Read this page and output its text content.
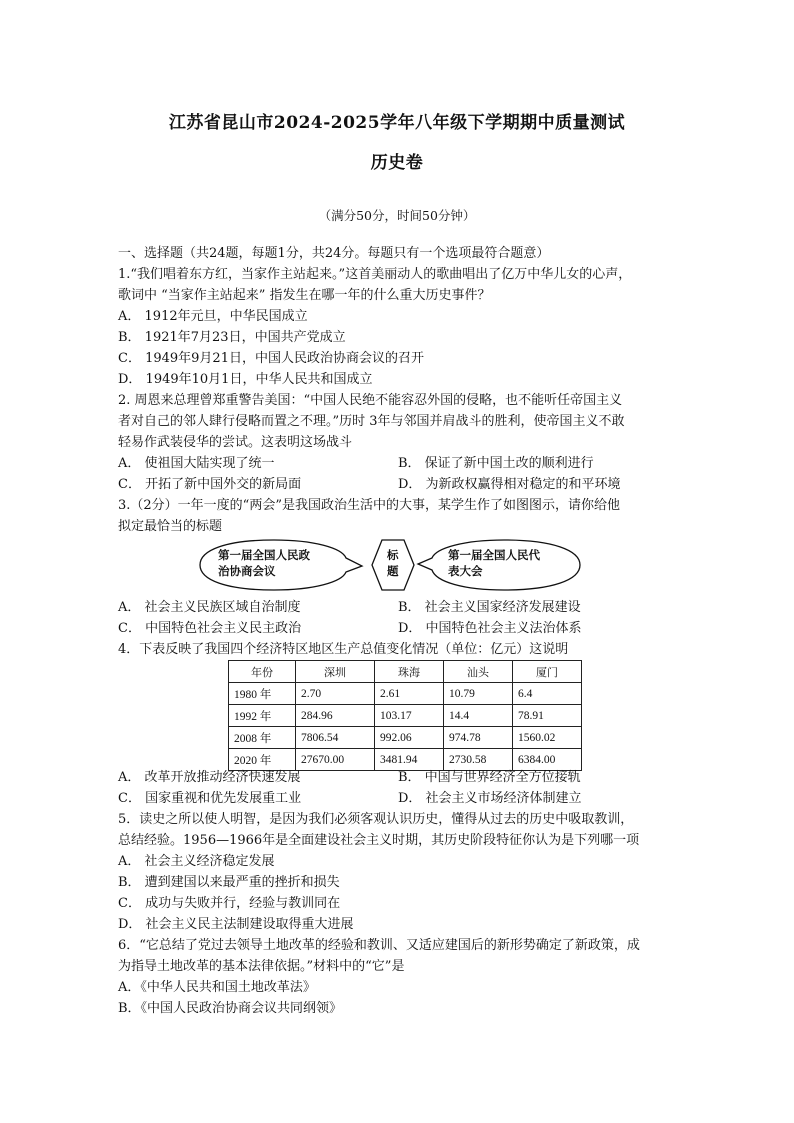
江苏省昆山市2024-2025学年八年级下学期期中质量测试
历史卷
（满分50分，时间50分钟）
一、选择题（共24题，每题1分，共24分。每题只有一个选项最符合题意）
1.“我们唱着东方红，当家作主站起来。”这首美丽动人的歌曲唱出了亿万中华儿女的心声，
歌词中 “当家作主站起来” 指发生在哪一年的什么重大历史事件？
A． 1912年元旦，中华民国成立
B． 1921年7月23日，中国共产党成立
C． 1949年9月21日，中国人民政治协商会议的召开
D． 1949年10月1日，中华人民共和国成立
2. 周恩来总理曾郑重警告美国：“中国人民绝不能容忍外国的侵略，也不能听任帝国主义
者对自己的邻人肆行侵略而置之不理。”历时 3年与邻国并肩战斗的胜利，使帝国主义不敢
轻易作武装侵华的尝试。这表明这场战斗
A． 使祖国大陆实现了统一	B． 保证了新中国土改的顺利进行
C． 开拓了新中国外交的新局面	D． 为新政权赢得相对稳定的和平环境
3.（2分）一年一度的“两会”是我国政治生活中的大事，某学生作了如图图示，请你给他
拟定最恰当的标题
第一届全国人民政
治协商会议
标
题
第一届全国人民代
表大会
A． 社会主义民族区域自治制度	B． 社会主义国家经济发展建设
C． 中国特色社会主义民主政治	D． 中国特色社会主义法治体系
4．下表反映了我国四个经济特区地区生产总值变化情况（单位：亿元）这说明
年份	深圳	珠海	汕头	厦门
1980 年	2.70	2.61	10.79	6.4
1992 年	284.96	103.17	14.4	78.91
2008 年	7806.54	992.06	974.78	1560.02
2020 年	27670.00	3481.94	2730.58	6384.00
A． 改革开放推动经济快速发展	B． 中国与世界经济全方位接轨
C． 国家重视和优先发展重工业	D． 社会主义市场经济体制建立
5．读史之所以使人明智，是因为我们必须客观认识历史，懂得从过去的历史中吸取教训，
总结经验。1956—1966年是全面建设社会主义时期，其历史阶段特征你认为是下列哪一项
A． 社会主义经济稳定发展
B． 遭到建国以来最严重的挫折和损失
C． 成功与失败并行，经验与教训同在
D． 社会主义民主法制建设取得重大进展
6．“它总结了党过去领导土地改革的经验和教训、又适应建国后的新形势确定了新政策，成
为指导土地改革的基本法律依据。”材料中的“它”是
A．《中华人民共和国土地改革法》
B．《中国人民政治协商会议共同纲领》
